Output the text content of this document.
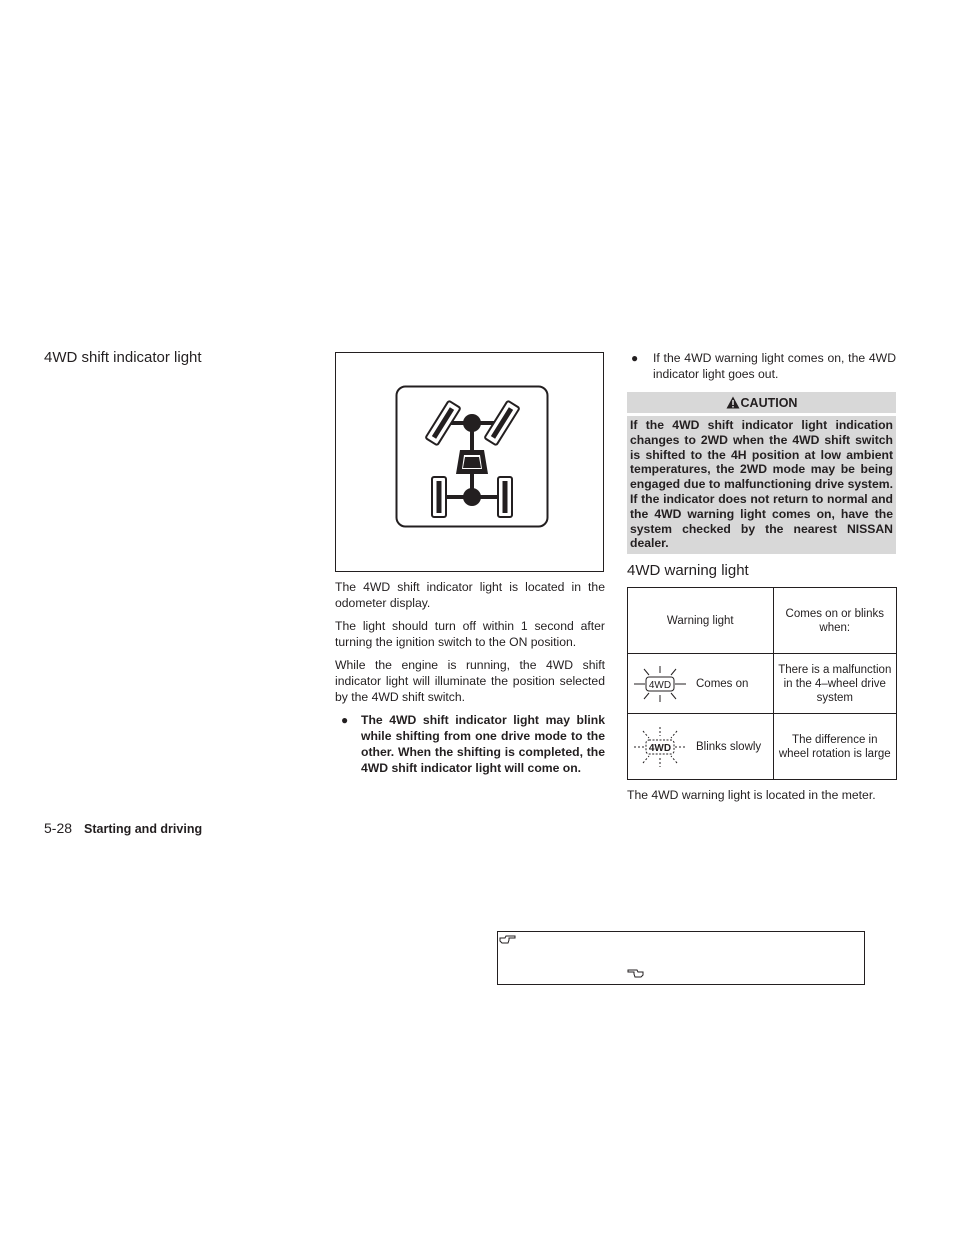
4WD shift indicator light

The 4WD shift indicator light is located in the odometer display.

The light should turn off within 1 second after turning the ignition switch to the ON position.

While the engine is running, the 4WD shift indicator light will illuminate the position selected by the 4WD shift switch.

●	The 4WD shift indicator light may blink while shifting from one drive mode to the other. When the shifting is completed, the 4WD shift indicator light will come on.

●	If the 4WD warning light comes on, the 4WD indicator light goes out.

CAUTION
If the 4WD shift indicator light indication changes to 2WD when the 4WD shift switch is shifted to the 4H position at low ambient temperatures, the 2WD mode may be being engaged due to malfunctioning drive system. If the indicator does not return to normal and the 4WD warning light comes on, have the system checked by the nearest NISSAN dealer.
4WD warning light
Warning light	Comes on or blinks when:

4WD Comes on	There is a malfunction in the 4–wheel drive system

4WD Blinks slowly	The difference in wheel rotation is large
The 4WD warning light is located in the meter.
5-28 Starting and driving
